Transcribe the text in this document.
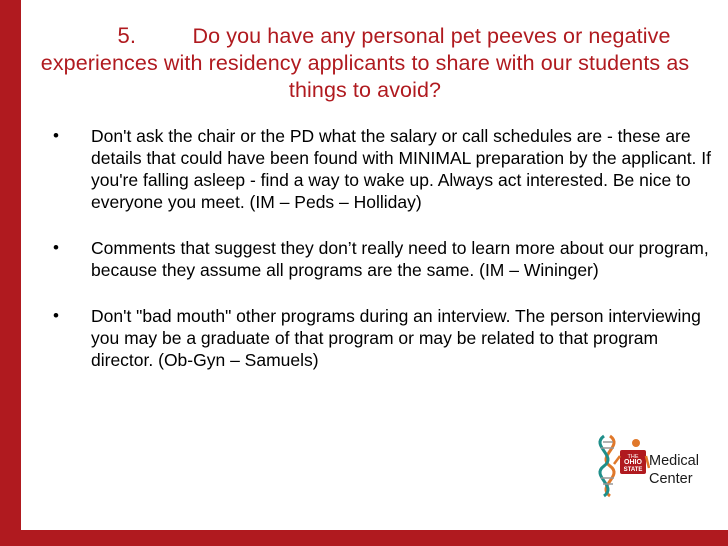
5.	Do you have any personal pet peeves or negative experiences with residency applicants to share with our students as things to avoid?
• Don't ask the chair or the PD what the salary or call schedules are - these are details that could have been found with MINIMAL preparation by the applicant. If you're falling asleep - find a way to wake up. Always act interested. Be nice to everyone you meet. (IM – Peds – Holliday)
• Comments that suggest they don’t really need to learn more about our program, because they assume all programs are the same. (IM – Wininger)
• Don't "bad mouth" other programs during an interview. The person interviewing you may be a graduate of that program or may be related to that program director. (Ob-Gyn – Samuels)
THE
OHIO
STATE
Medical
Center
